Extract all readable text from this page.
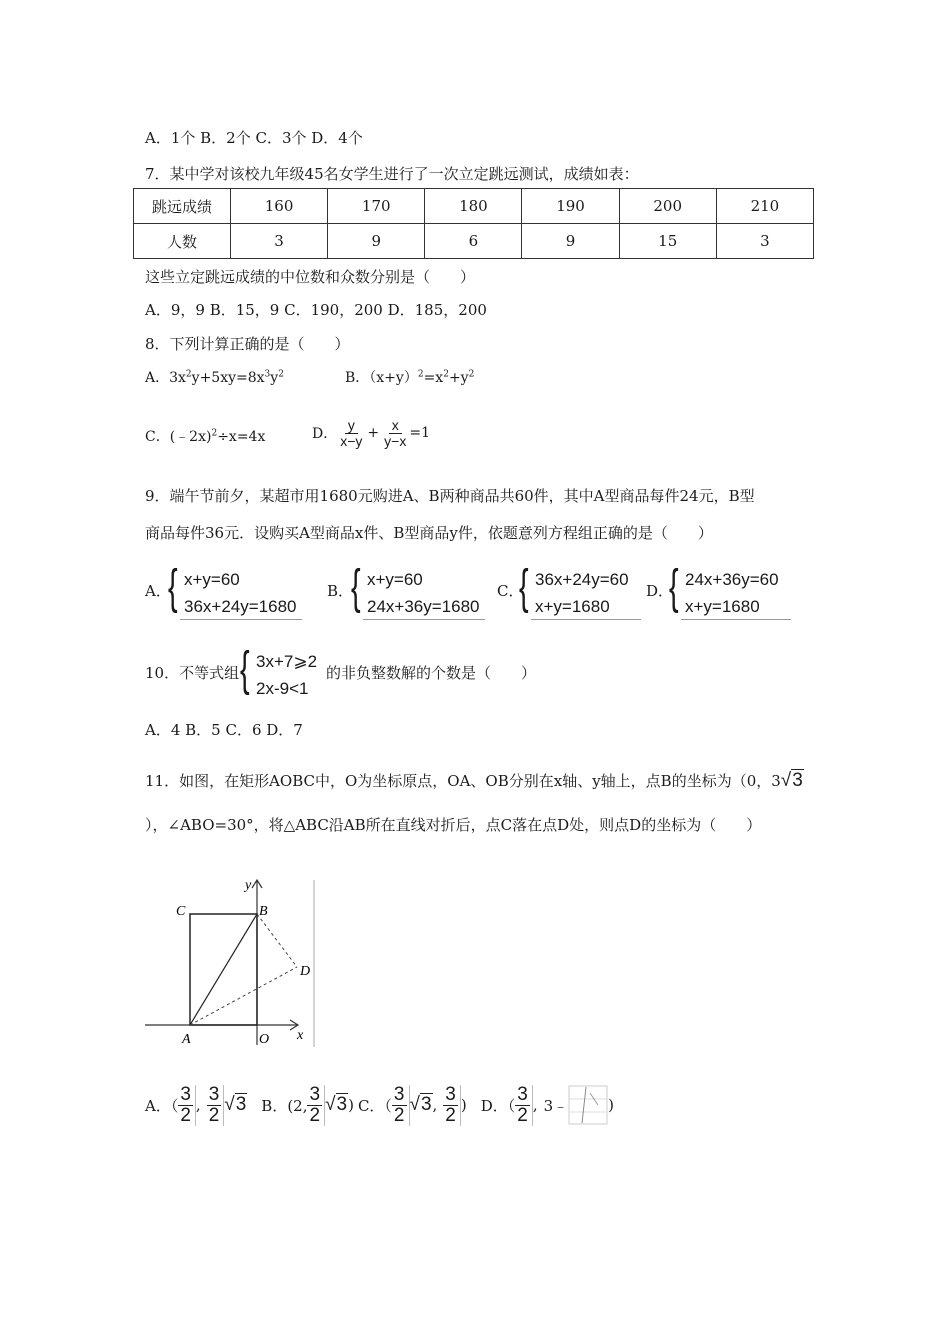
A．1个 B．2个 C．3个 D．4个
7．某中学对该校九年级45名女学生进行了一次立定跳远测试，成绩如表：
跳远成绩	160	170	180	190	200	210
人数	3	9	6	9	15	3
这些立定跳远成绩的中位数和众数分别是（　　）
A．9，9 B．15，9 C．190，200 D．185，200
8．下列计算正确的是（　　）
A．$3x^2y+5xy=8x^3y^2$	B．$(x+y)^2=x^2+y^2$
C．(﹣2x)$^2$÷x=4x	D． $\frac{y}{x-y} + \frac{x}{y-x} =1$
9．端午节前夕，某超市用1680元购进A、B两种商品共60件，其中A型商品每件24元，B型
商品每件36元．设购买A型商品x件、B型商品y件，依题意列方程组正确的是（　　）
A．
{ x+y=60
36x+24y=1680
B．
{ x+y=60
24x+36y=1680
C．
{ 36x+24y=60
x+y=1680
D．
{ 24x+36y=60
x+y=1680
10．不等式组 { 3x+7⩾2
2x-9<1
的非负整数解的个数是（　　）
A．4 B．5 C．6 D．7
11．如图，在矩形AOBC中，O为坐标原点，OA、OB分别在x轴、y轴上，点B的坐标为（0，3√3
），∠ABO=30°，将△ABC沿AB所在直线对折后，点C落在点D处，则点D的坐标为（　　）
C	B
D
A	O x
y
A．（ $\frac{3}{2}$ , $\frac{3}{2} √3$ B．(2, $\frac{3}{2} √3$ ) C．（ $\frac{3}{2} √3$ , $\frac{3}{2}$ ) D．（ $\frac{3}{2}$ , 3﹣	)
